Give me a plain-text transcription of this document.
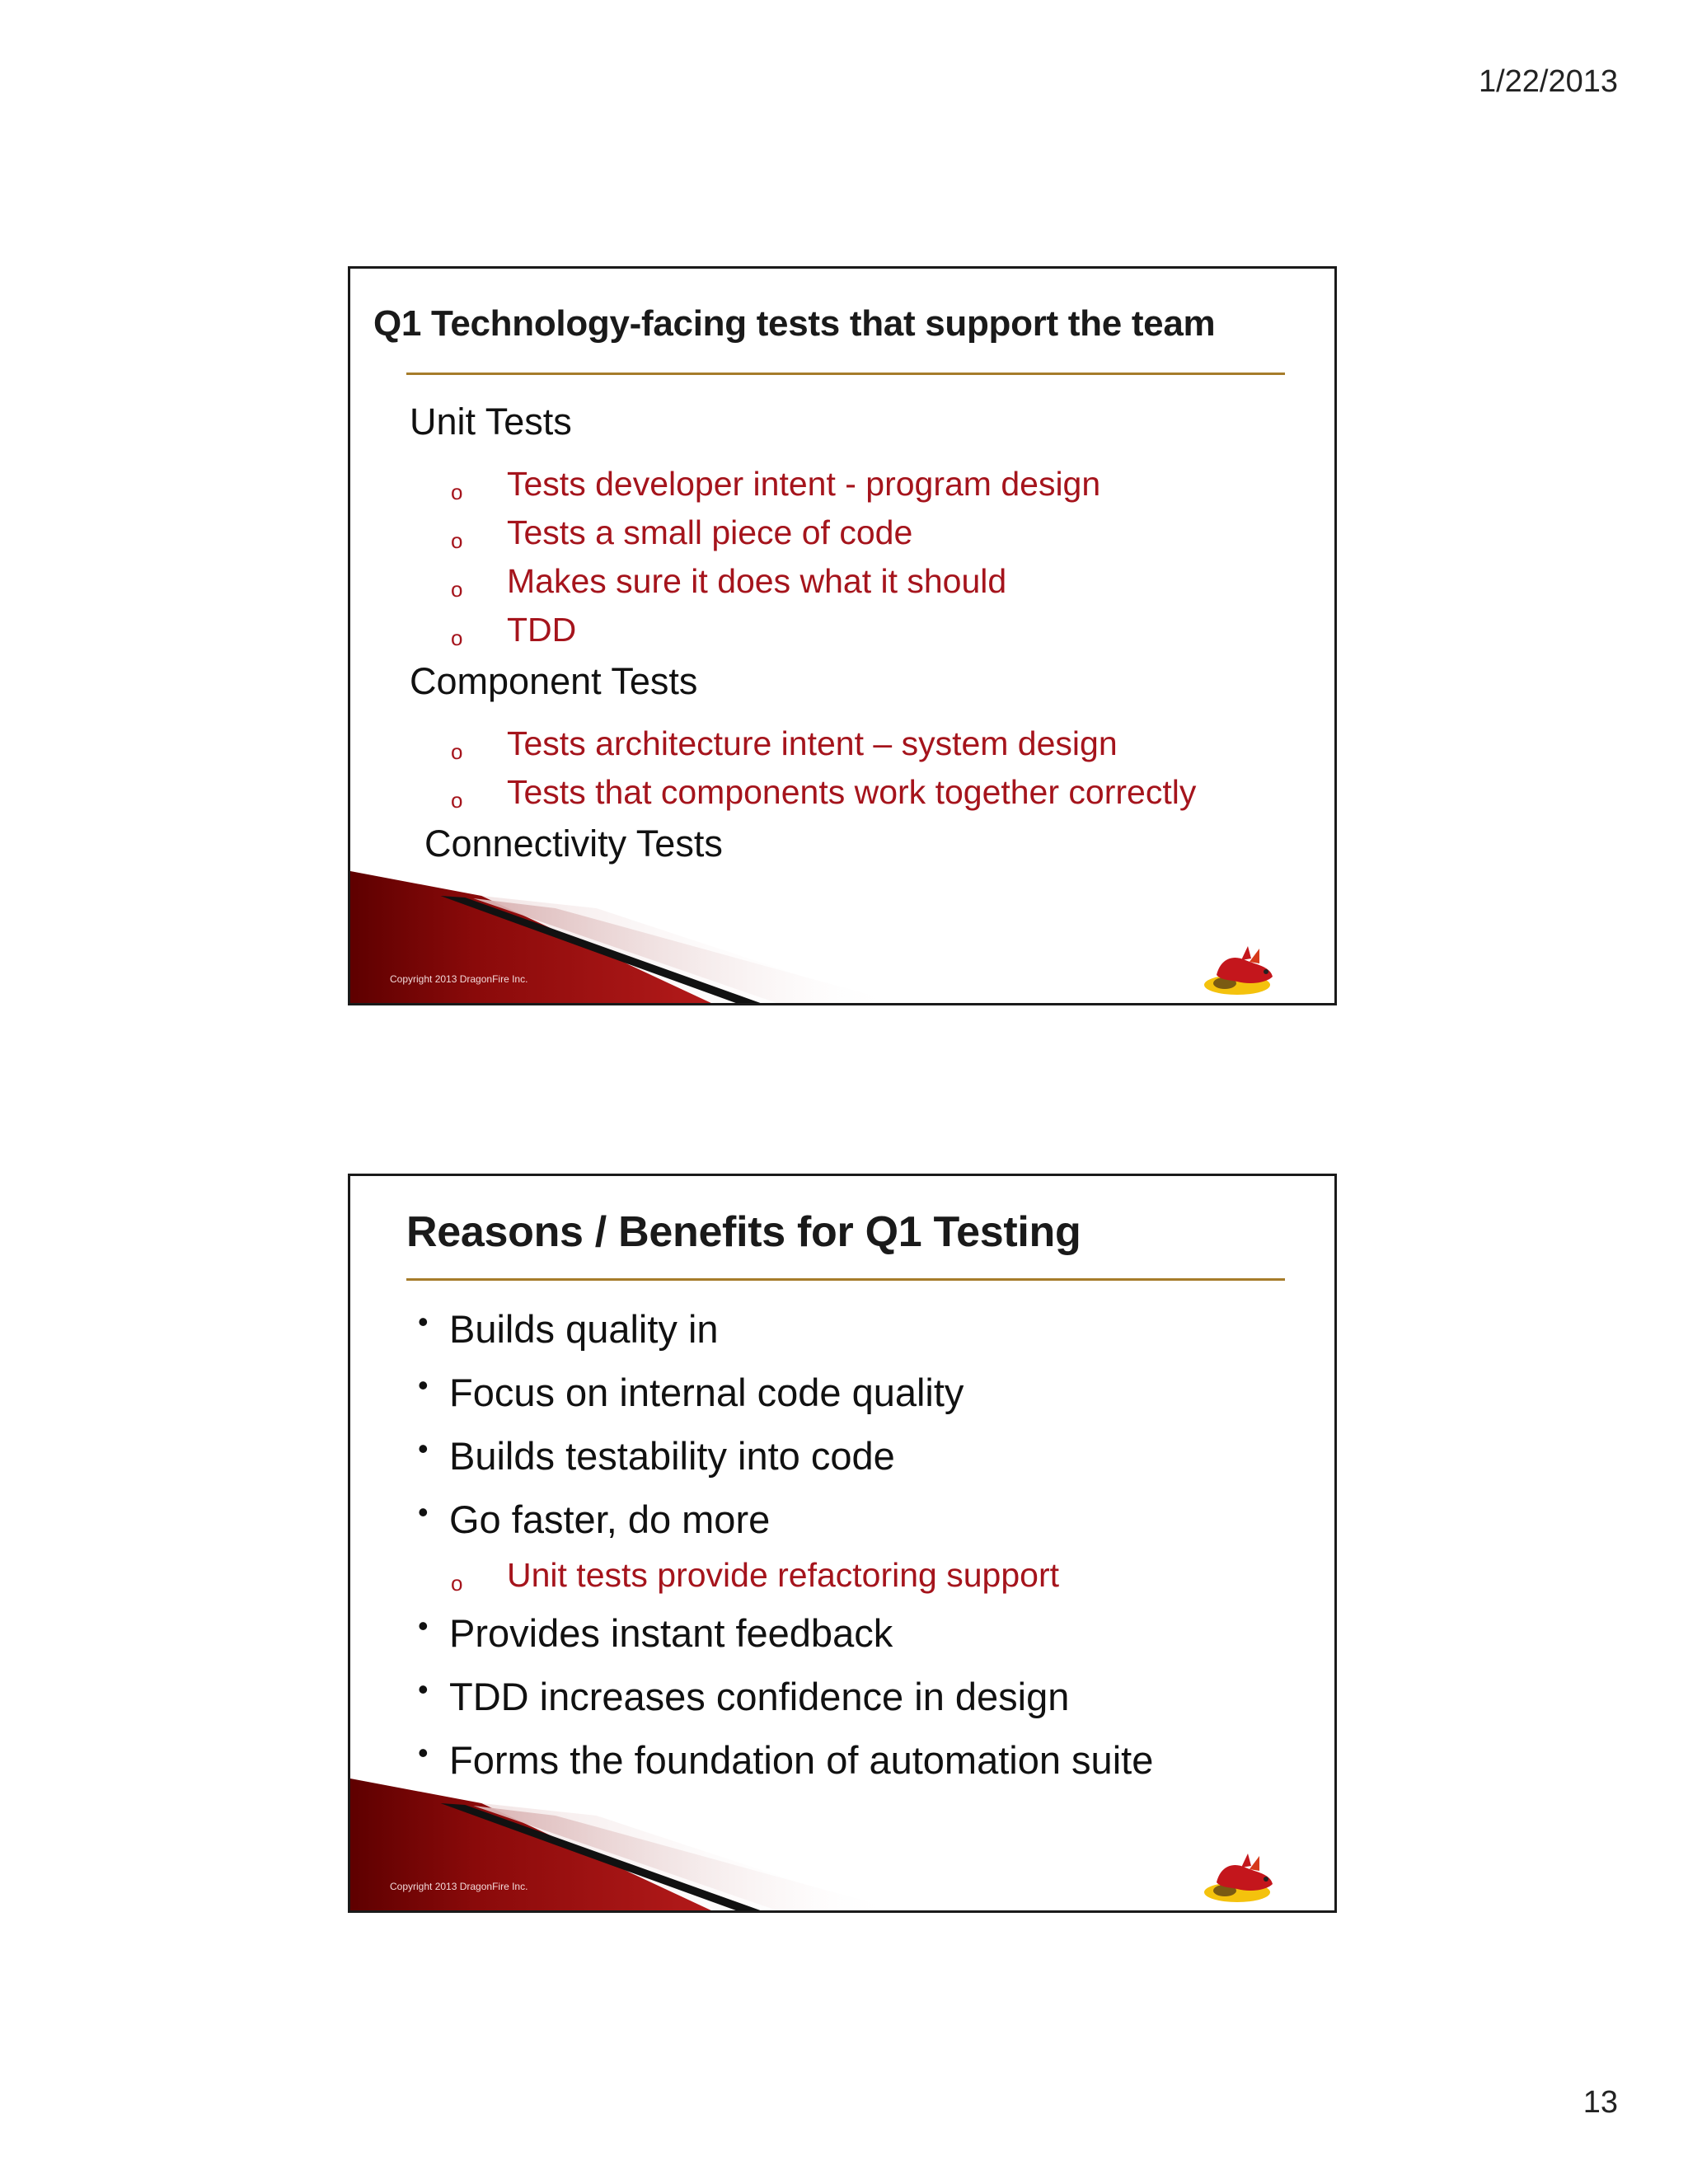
1/22/2013
Q1 Technology-facing tests that support the team
Unit Tests
o Tests developer intent - program design
o Tests a small piece of code
o Makes sure it does what it should
o TDD
Component Tests
o Tests architecture intent – system design
o Tests that components work together correctly
Connectivity Tests
Copyright 2013 DragonFire Inc.
Reasons / Benefits for Q1 Testing
• Builds quality in
• Focus on internal code quality
• Builds testability into code
• Go faster, do more
o Unit tests provide refactoring support
• Provides instant feedback
• TDD increases confidence in design
• Forms the foundation of automation suite
Copyright 2013 DragonFire Inc.
13
